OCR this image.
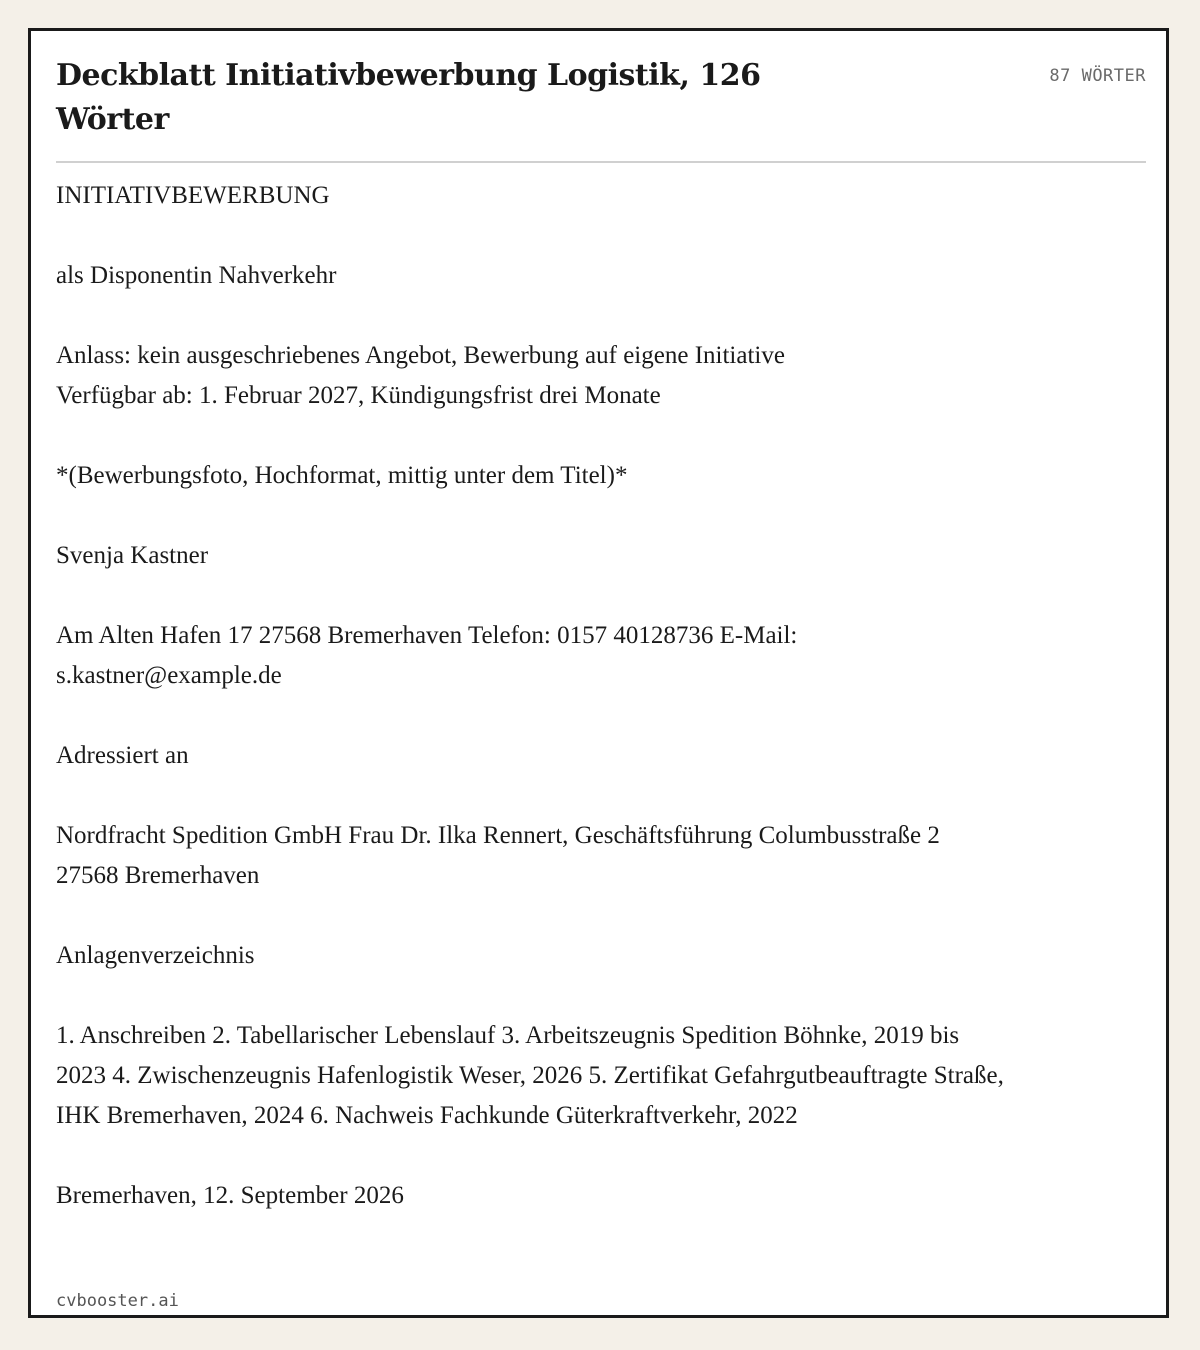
Deckblatt Initiativbewerbung Logistik, 126 Wörter
87 WÖRTER

INITIATIVBEWERBUNG

als Disponentin Nahverkehr

Anlass: kein ausgeschriebenes Angebot, Bewerbung auf eigene Initiative
Verfügbar ab: 1. Februar 2027, Kündigungsfrist drei Monate

*(Bewerbungsfoto, Hochformat, mittig unter dem Titel)*

Svenja Kastner

Am Alten Hafen 17 27568 Bremerhaven Telefon: 0157 40128736 E-Mail: s.kastner@example.de

Adressiert an

Nordfracht Spedition GmbH Frau Dr. Ilka Rennert, Geschäftsführung Columbusstraße 2 27568 Bremerhaven

Anlagenverzeichnis

1. Anschreiben 2. Tabellarischer Lebenslauf 3. Arbeitszeugnis Spedition Böhnke, 2019 bis 2023 4. Zwischenzeugnis Hafenlogistik Weser, 2026 5. Zertifikat Gefahrgutbeauftragte Straße, IHK Bremerhaven, 2024 6. Nachweis Fachkunde Güterkraftverkehr, 2022

Bremerhaven, 12. September 2026

cvbooster.ai
